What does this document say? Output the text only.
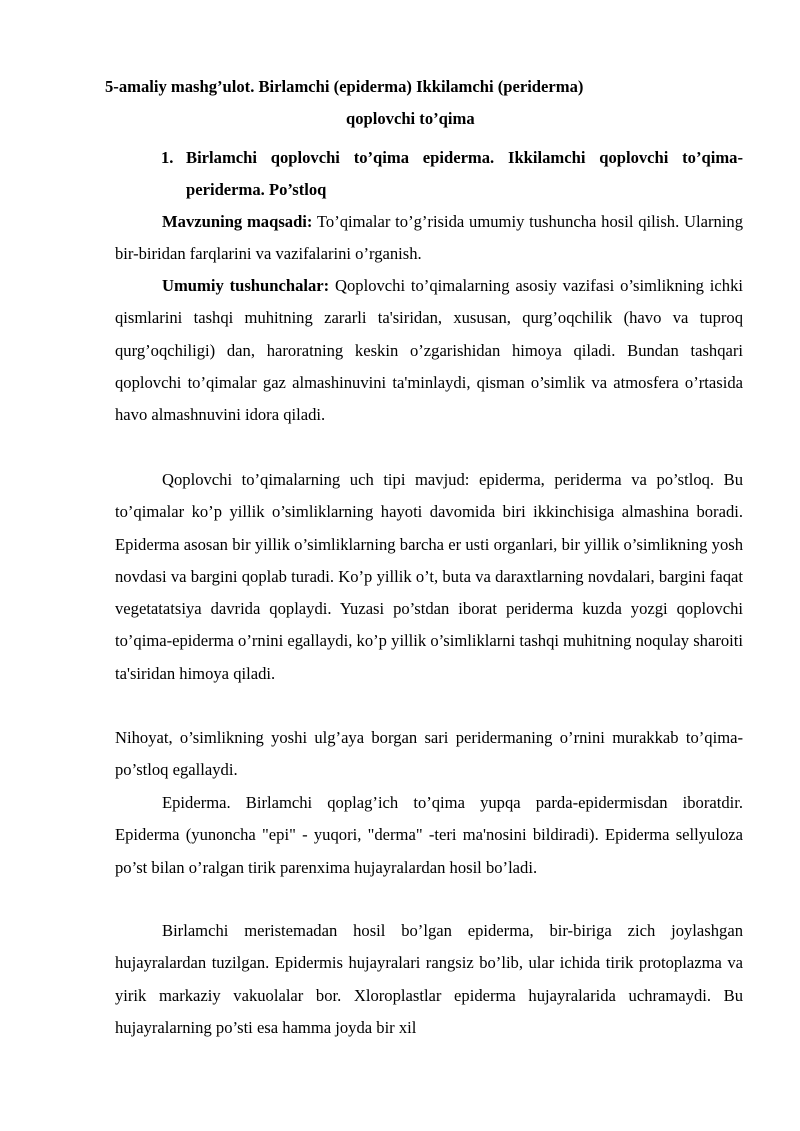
5-amaliy mashg’ulot. Birlamchi (epiderma) Ikkilamchi (periderma)

qoplovchi to’qima

1. Birlamchi qoplovchi to’qima epiderma. Ikkilamchi qoplovchi to’qima-periderma. Po’stloq

Mavzuning maqsadi: To’qimalar to’g’risida umumiy tushuncha hosil qilish. Ularning bir-biridan farqlarini va vazifalarini o’rganish.

Umumiy tushunchalar: Qoplovchi to’qimalarning asosiy vazifasi o’simlikning ichki qismlarini tashqi muhitning zararli ta'siridan, xususan, qurg’oqchilik (havo va tuproq qurg’oqchiligi) dan, haroratning keskin o’zgarishidan himoya qiladi. Bundan tashqari qoplovchi to’qimalar gaz almashinuvini ta'minlaydi, qisman o’simlik va atmosfera o’rtasida havo almashnuvini idora qiladi.

Qoplovchi to’qimalarning uch tipi mavjud: epiderma, periderma va po’stloq. Bu to’qimalar ko’p yillik o’simliklarning hayoti davomida biri ikkinchisiga almashina boradi. Epiderma asosan bir yillik o’simliklarning barcha er usti organlari, bir yillik o’simlikning yosh novdasi va bargini qoplab turadi. Ko’p yillik o’t, buta va daraxtlarning novdalari, bargini faqat vegetatatsiya davrida qoplaydi. Yuzasi po’stdan iborat periderma kuzda yozgi qoplovchi to’qima-epiderma o’rnini egallaydi, ko’p yillik o’simliklarni tashqi muhitning noqulay sharoiti ta'siridan himoya qiladi.

Nihoyat, o’simlikning yoshi ulg’aya borgan sari peridermaning o’rnini murakkab to’qima-po’stloq egallaydi.

Epiderma. Birlamchi qoplag’ich to’qima yupqa parda-epidermisdan iboratdir. Epiderma (yunoncha "epi" - yuqori, "derma" -teri ma'nosini bildiradi). Epiderma sellyuloza po’st bilan o’ralgan tirik parenxima hujayralardan hosil bo’ladi.

Birlamchi meristemadan hosil bo’lgan epiderma, bir-biriga zich joylashgan hujayralardan tuzilgan. Epidermis hujayralari rangsiz bo’lib, ular ichida tirik protoplazma va yirik markaziy vakuolalar bor. Xloroplastlar epiderma hujayralarida uchramaydi. Bu hujayralarning po’sti esa hamma joyda bir xil
